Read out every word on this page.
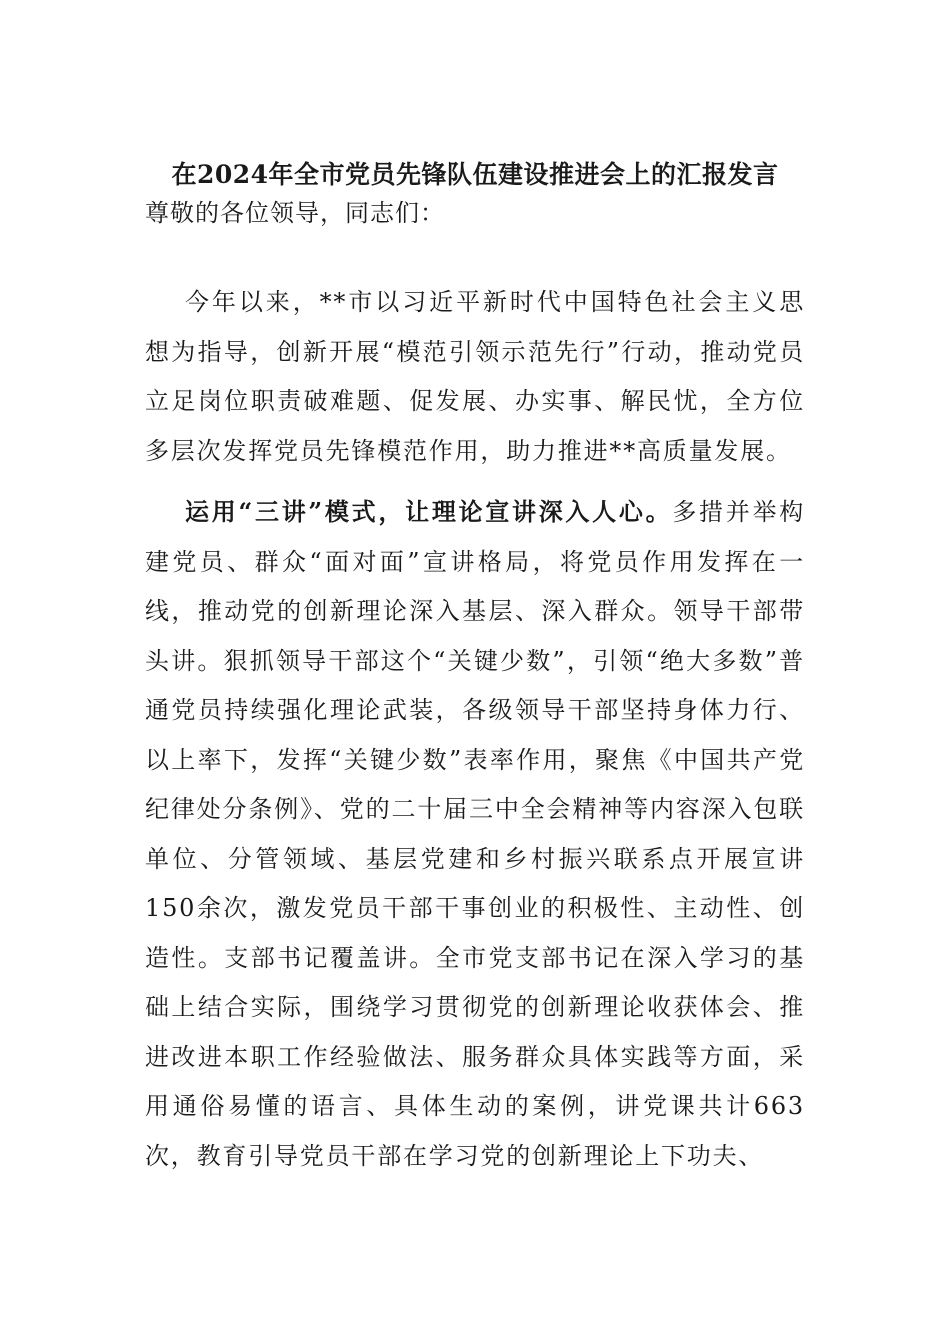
在2024年全市党员先锋队伍建设推进会上的汇报发言
尊敬的各位领导，同志们：

今年以来，**市以习近平新时代中国特色社会主义思想为指导，创新开展“模范引领示范先行”行动，推动党员立足岗位职责破难题、促发展、办实事、解民忧，全方位多层次发挥党员先锋模范作用，助力推进**高质量发展。

运用“三讲”模式，让理论宣讲深入人心。多措并举构建党员、群众“面对面”宣讲格局，将党员作用发挥在一线，推动党的创新理论深入基层、深入群众。领导干部带头讲。狠抓领导干部这个“关键少数”，引领“绝大多数”普通党员持续强化理论武装，各级领导干部坚持身体力行、以上率下，发挥“关键少数”表率作用，聚焦《中国共产党纪律处分条例》、党的二十届三中全会精神等内容深入包联单位、分管领域、基层党建和乡村振兴联系点开展宣讲150余次，激发党员干部干事创业的积极性、主动性、创造性。支部书记覆盖讲。全市党支部书记在深入学习的基础上结合实际，围绕学习贯彻党的创新理论收获体会、推进改进本职工作经验做法、服务群众具体实践等方面，采用通俗易懂的语言、具体生动的案例，讲党课共计663次，教育引导党员干部在学习党的创新理论上下功夫、
